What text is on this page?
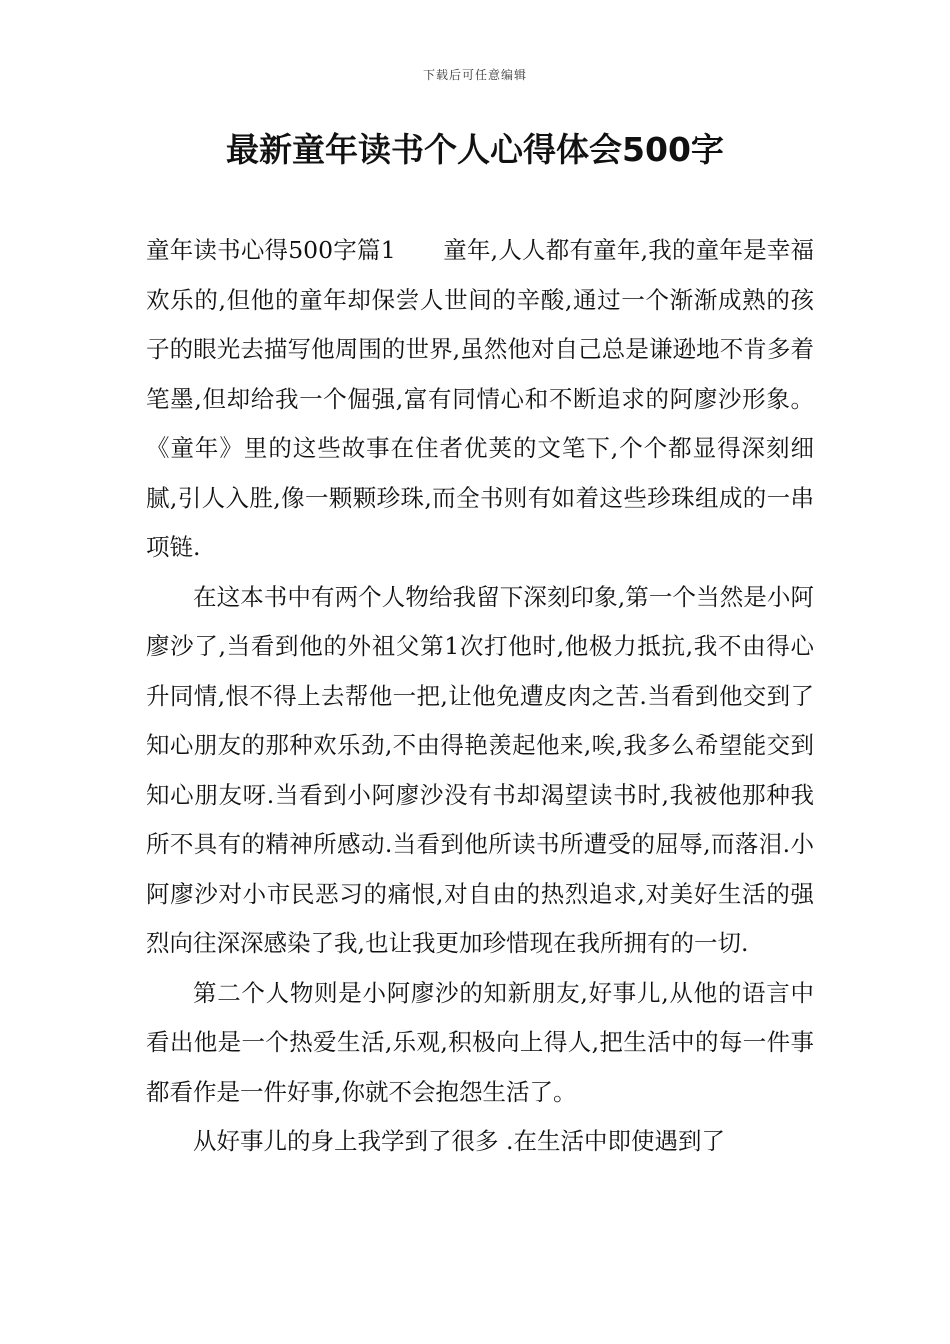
下载后可任意编辑
最新童年读书个人心得体会500字

童年读书心得500字篇1　　童年,人人都有童年,我的童年是幸福欢乐的,但他的童年却保尝人世间的辛酸,通过一个渐渐成熟的孩子的眼光去描写他周围的世界,虽然他对自己总是谦逊地不肯多着笔墨,但却给我一个倔强,富有同情心和不断追求的阿廖沙形象。《童年》里的这些故事在住者优荚的文笔下,个个都显得深刻细腻,引人入胜,像一颗颗珍珠,而全书则有如着这些珍珠组成的一串项链.

在这本书中有两个人物给我留下深刻印象,第一个当然是小阿廖沙了,当看到他的外祖父第1次打他时,他极力抵抗,我不由得心升同情,恨不得上去帮他一把,让他免遭皮肉之苦.当看到他交到了知心朋友的那种欢乐劲,不由得艳羡起他来,唉,我多么希望能交到知心朋友呀.当看到小阿廖沙没有书却渴望读书时,我被他那种我所不具有的精神所感动.当看到他所读书所遭受的屈辱,而落泪.小阿廖沙对小市民恶习的痛恨,对自由的热烈追求,对美好生活的强烈向往深深感染了我,也让我更加珍惜现在我所拥有的一切.

第二个人物则是小阿廖沙的知新朋友,好事儿,从他的语言中看出他是一个热爱生活,乐观,积极向上得人,把生活中的每一件事都看作是一件好事,你就不会抱怨生活了。

从好事儿的身上我学到了很多 .在生活中即使遇到了
